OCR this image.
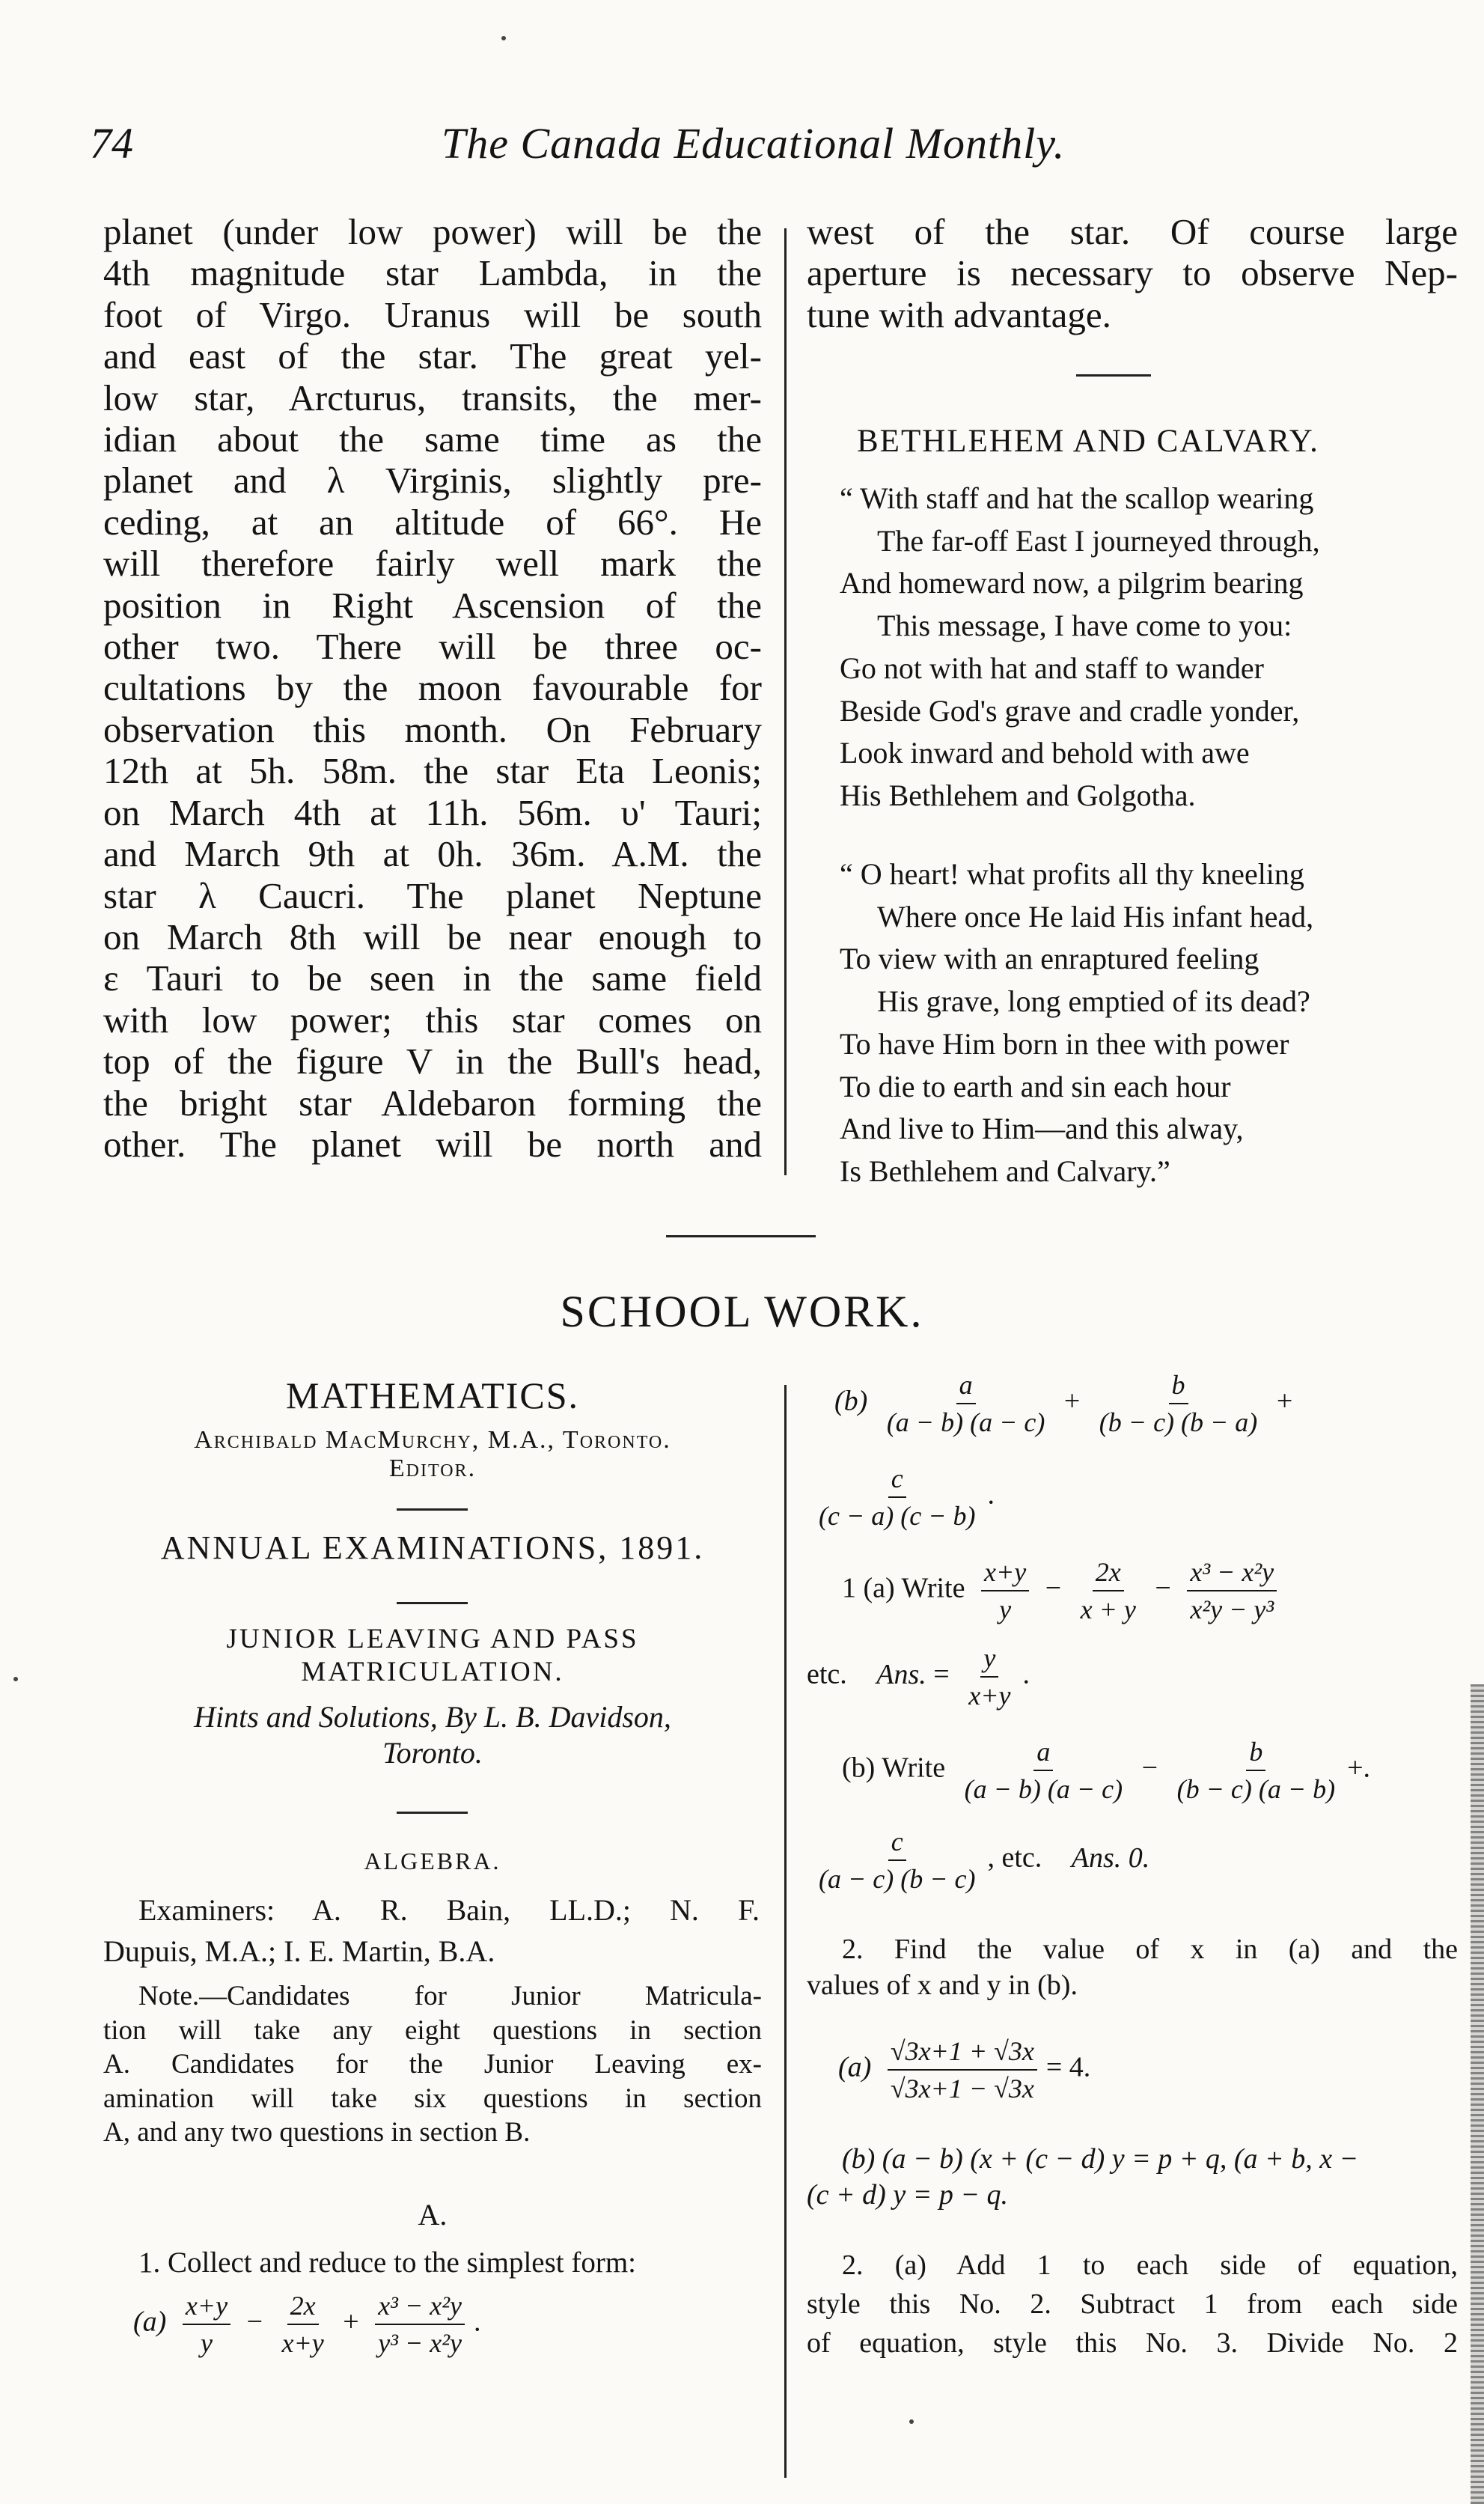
74	The Canada Educational Monthly.
planet (under low power) will be the
4th magnitude star Lambda, in the
foot of Virgo. Uranus will be south
and east of the star. The great yel-
low star, Arcturus, transits, the mer-
idian about the same time as the
planet and λ Virginis, slightly pre-
ceding, at an altitude of 66°. He
will therefore fairly well mark the
position in Right Ascension of the
other two. There will be three oc-
cultations by the moon favourable for
observation this month. On February
12th at 5h. 58m. the star Eta Leonis;
on March 4th at 11h. 56m. υ' Tauri;
and March 9th at 0h. 36m. A.M. the
star λ Caucri. The planet Neptune
on March 8th will be near enough to
ε Tauri to be seen in the same field
with low power; this star comes on
top of the figure V in the Bull's head,
the bright star Aldebaron forming the
other. The planet will be north and
west of the star. Of course large
aperture is necessary to observe Nep-
tune with advantage.
BETHLEHEM AND CALVARY.
“ With staff and hat the scallop wearing
The far-off East I journeyed through,
And homeward now, a pilgrim bearing
This message, I have come to you:
Go not with hat and staff to wander
Beside God's grave and cradle yonder,
Look inward and behold with awe
His Bethlehem and Golgotha.
“ O heart! what profits all thy kneeling
Where once He laid His infant head,
To view with an enraptured feeling
His grave, long emptied of its dead?
To have Him born in thee with power
To die to earth and sin each hour
And live to Him—and this alway,
Is Bethlehem and Calvary.”
SCHOOL WORK.
MATHEMATICS.
Archibald MacMurchy, M.A., Toronto.
Editor.
ANNUAL EXAMINATIONS, 1891.
JUNIOR LEAVING AND PASS
MATRICULATION.
Hints and Solutions, By L. B. Davidson,
Toronto.
ALGEBRA.
Examiners: A. R. Bain, LL.D.; N. F.
Dupuis, M.A.; I. E. Martin, B.A.
Note.—Candidates for Junior Matricula-
tion will take any eight questions in section
A. Candidates for the Junior Leaving ex-
amination will take six questions in section
A, and any two questions in section B.
A.
1. Collect and reduce to the simplest form:
$(a) \frac{x+y}{y} - \frac{2x}{x+y} + \frac{\text{x³ − x²y}}{\text{y³ − x²y}}$ .
$(b) \frac{a}{(a - b) (a - c)} + \frac{b}{(b - c) (b - a)}$ +
$\frac{c}{(c - a) (c - b)}$ .
1 (a) Write $\frac{x+y}{y} - \frac{2x}{x + y} - \frac{\text{x³ − x²y}}{\text{x²y − y³}}$
etc. Ans. = $\frac{y}{x+y}$ .
(b) Write $\frac{a}{(a - b) (a - c)} - \frac{b}{(b - c) (a - b)}$ +.
$\frac{c}{(a - c) (b - c)}$ , etc. Ans. 0.
2. Find the value of x in (a) and the
values of x and y in (b).
$(a) \frac{√3x+1 + √3x}{√3x+1 - √3x} = 4$.
(b) (a − b) (x + (c − d) y = p + q, (a + b, x −
(c + d) y = p − q.
2. (a) Add 1 to each side of equation,
style this No. 2. Subtract 1 from each side
of equation, style this No. 3. Divide No. 2
